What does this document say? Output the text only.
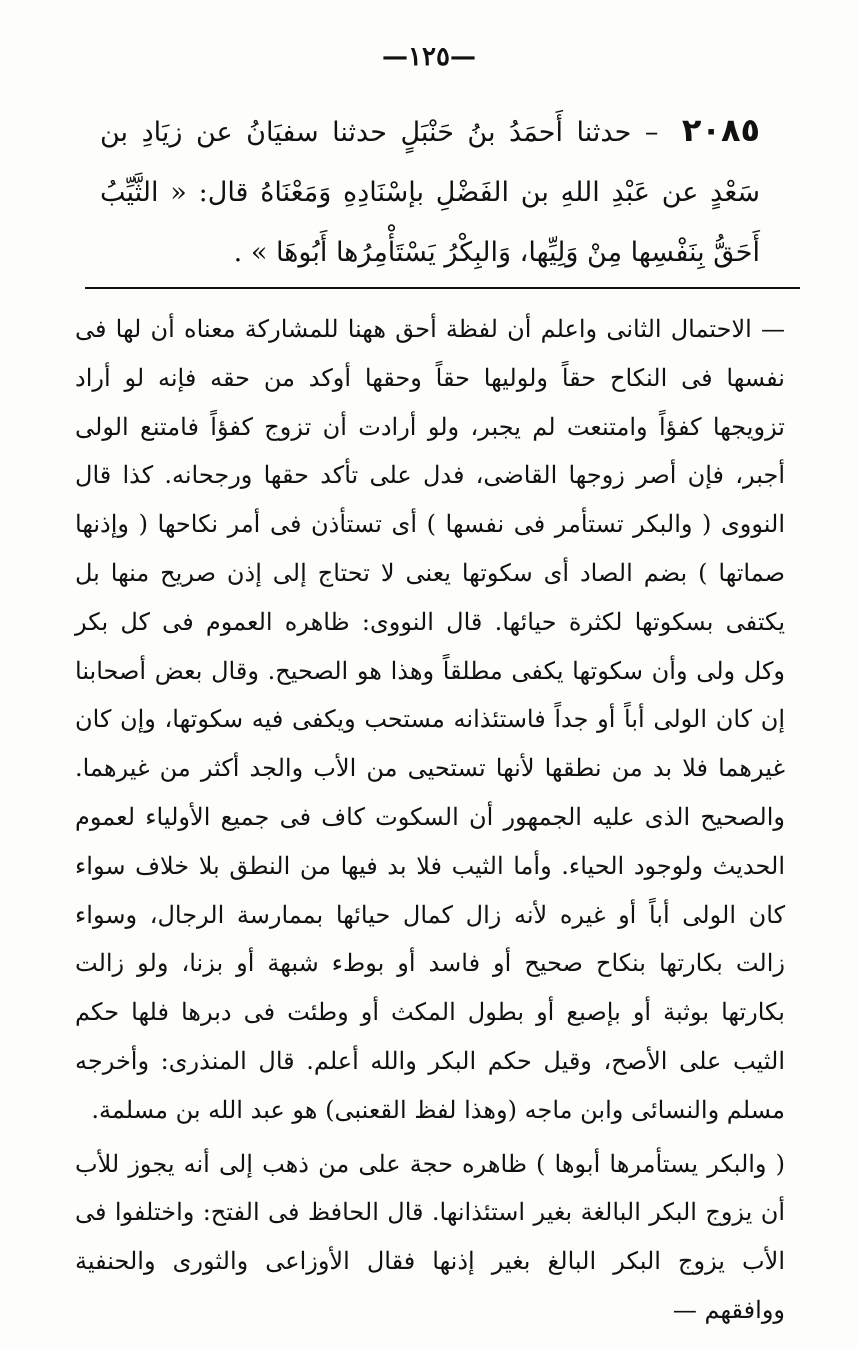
—١٢٥—
٢٠٨٥ – حدثنا أَحمَدُ بنُ حَنْبَلٍ حدثنا سفيَانُ عن زيَادِ بن سَعْدٍ عن عَبْدِ اللهِ بن الفَضْلِ بإسْنَادِهِ وَمَعْنَاهُ قال: « الثَّيِّبُ أَحَقُّ بِنَفْسِها مِنْ وَلِيِّها، وَالبِكْرُ يَسْتَأْمِرُها أَبُوهَا » .

— الاحتمال الثانى واعلم أن لفظة أحق ههنا للمشاركة معناه أن لها فى نفسها فى النكاح حقاً ولوليها حقاً وحقها أوكد من حقه فإنه لو أراد تزويجها كفؤاً وامتنعت لم يجبر، ولو أرادت أن تزوج كفؤاً فامتنع الولى أجبر، فإن أصر زوجها القاضى، فدل على تأكد حقها ورجحانه. كذا قال النووى ( والبكر تستأمر فى نفسها ) أى تستأذن فى أمر نكاحها ( وإذنها صماتها ) بضم الصاد أى سكوتها يعنى لا تحتاج إلى إذن صريح منها بل يكتفى بسكوتها لكثرة حيائها. قال النووى: ظاهره العموم فى كل بكر وكل ولى وأن سكوتها يكفى مطلقاً وهذا هو الصحيح. وقال بعض أصحابنا إن كان الولى أباً أو جداً فاستئذانه مستحب ويكفى فيه سكوتها، وإن كان غيرهما فلا بد من نطقها لأنها تستحيى من الأب والجد أكثر من غيرهما. والصحيح الذى عليه الجمهور أن السكوت كاف فى جميع الأولياء لعموم الحديث ولوجود الحياء. وأما الثيب فلا بد فيها من النطق بلا خلاف سواء كان الولى أباً أو غيره لأنه زال كمال حيائها بممارسة الرجال، وسواء زالت بكارتها بنكاح صحيح أو فاسد أو بوطء شبهة أو بزنا، ولو زالت بكارتها بوثبة أو بإصبع أو بطول المكث أو وطئت فى دبرها فلها حكم الثيب على الأصح، وقيل حكم البكر والله أعلم. قال المنذرى: وأخرجه مسلم والنسائى وابن ماجه (وهذا لفظ القعنبى) هو عبد الله بن مسلمة.

( والبكر يستأمرها أبوها ) ظاهره حجة على من ذهب إلى أنه يجوز للأب أن يزوج البكر البالغة بغير استئذانها. قال الحافظ فى الفتح: واختلفوا فى الأب يزوج البكر البالغ بغير إذنها فقال الأوزاعى والثورى والحنفية ووافقهم —
